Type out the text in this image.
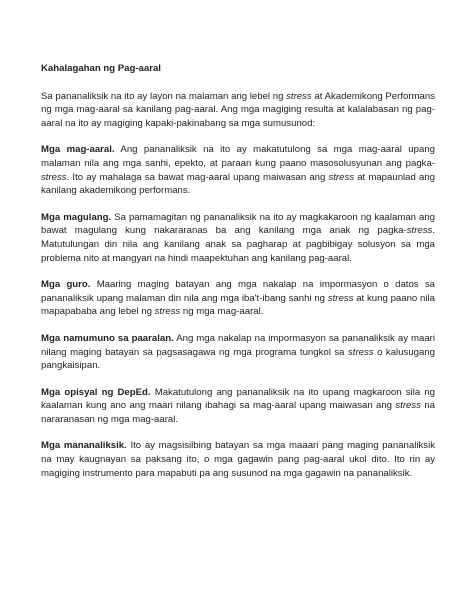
Kahalagahan ng Pag-aaral

Sa pananaliksik na ito ay layon na malaman ang lebel ng stress at Akademikong Performans ng mga mag-aaral sa kanilang pag-aaral. Ang mga magiging resulta at kalalabasan ng pag-aaral na ito ay magiging kapaki-pakinabang sa mga sumusunod:

Mga mag-aaral. Ang pananaliksik na ito ay makatutulong sa mga mag-aaral upang malaman nila ang mga sanhi, epekto, at paraan kung paano masosolusyunan ang pagka-stress. Ito ay mahalaga sa bawat mag-aaral upang maiwasan ang stress at mapaunlad ang kanilang akademikong performans.

Mga magulang. Sa pamamagitan ng pananaliksik na ito ay magkakaroon ng kaalaman ang bawat magulang kung nakararanas ba ang kanilang mga anak ng pagka-stress. Matutulungan din nila ang kanilang anak sa pagharap at pagbibigay solusyon sa mga problema nito at mangyari na hindi maapektuhan ang kanilang pag-aaral.

Mga guro. Maaring maging batayan ang mga nakalap na impormasyon o datos sa pananaliksik upang malaman din nila ang mga iba't-ibang sanhi ng stress at kung paano nila mapapababa ang lebel ng stress ng mga mag-aaral.

Mga namumuno sa paaralan. Ang mga nakalap na impormasyon sa pananaliksik ay maari nilang maging batayan sa pagsasagawa ng mga programa tungkol sa stress o kalusugang pangkaisipan.

Mga opisyal ng DepEd. Makatutulong ang pananaliksik na ito upang magkaroon sila ng kaalaman kung ano ang maari nilang ibahagi sa mag-aaral upang maiwasan ang stress na nararanasan ng mga mag-aaral.

Mga mananaliksik. Ito ay magsisilbing batayan sa mga maaari pang maging pananaliksik na may kaugnayan sa paksang ito, o mga gagawin pang pag-aaral ukol dito. Ito rin ay magiging instrumento para mapabuti pa ang susunod na mga gagawin na pananaliksik.
